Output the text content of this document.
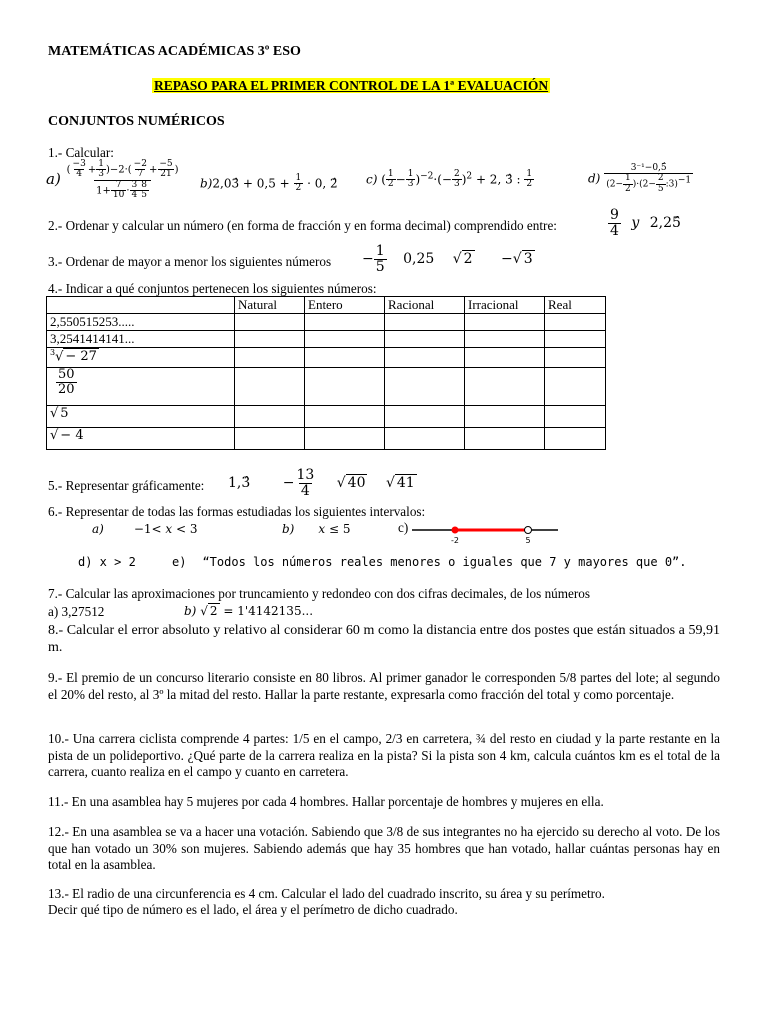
MATEMÁTICAS ACADÉMICAS 3º ESO
REPASO PARA EL PRIMER CONTROL DE LA 1ª EVALUACIÓN
CONJUNTOS NUMÉRICOS
1.- Calcular:
$a) \frac{( \frac{-3}{4} + \frac{1}{3} )-2\cdot( \frac{-2}{7} + \frac{-5}{21} )}{1+ \frac{7}{10} \cdot \frac{3}{4} \frac{8}{5}}$ b)2,03̂ + $0,5 + \frac{1}{2} \cdot 0$, 2̂ c) ( $\frac{1}{2} - \frac{1}{3} )^{-2}\cdot(- \frac{2}{3} )^2 + 2$, 3̂ : $\frac{1}{2}$	$d) \frac{\text{3⁻¹−0,5̂}}{(2- \frac{1}{2} )\cdot(2- \frac{2}{5} :3)-1}$
2.- Ordenar y calcular un número (en forma de fracción y en forma decimal) comprendido entre:	$\frac{9}{4}$ y 2,25̂
3.- Ordenar de mayor a menor los siguientes números − $\frac{1}{5} 0,25$ √ 2 −√ 3
4.- Indicar a qué conjuntos pertenecen los siguientes números:
	Natural	Entero	Racional	Irracional	Real
2,550515253.....					
3,2541414141...					
$^3$√ − 27					

$\frac{50}{20}$

√ 5					
√ − 4					
5.- Representar gráficamente: 1,3̂ − $\frac{13}{4}$ √ 40 √ 41
6.- Representar de todas las formas estudiadas los siguientes intervalos:
a)	−1< x < 3	b) x ≤ 5	c)
-2	5
d) x > 2	e) “Todos los números reales menores o iguales que 7 y mayores que 0”.
7.- Calcular las aproximaciones por truncamiento y redondeo con dos cifras decimales, de los números
a) 3,27512	b) √ 2 = 1'4142135...
8.- Calcular el error absoluto y relativo al considerar 60 m como la distancia entre dos postes que están situados a 59,91 m.
9.- El premio de un concurso literario consiste en 80 libros. Al primer ganador le corresponden 5/8 partes del lote; al segundo el 20% del resto, al 3º la mitad del resto. Hallar la parte restante, expresarla como fracción del total y como porcentaje.
10.- Una carrera ciclista comprende 4 partes: 1/5 en el campo, 2/3 en carretera, ¾ del resto en ciudad y la parte restante en la pista de un polideportivo. ¿Qué parte de la carrera realiza en la pista? Si la pista son 4 km, calcula cuántos km es el total de la carrera, cuanto realiza en el campo y cuanto en carretera.
11.- En una asamblea hay 5 mujeres por cada 4 hombres. Hallar porcentaje de hombres y mujeres en ella.
12.- En una asamblea se va a hacer una votación. Sabiendo que 3/8 de sus integrantes no ha ejercido su derecho al voto. De los que han votado un 30% son mujeres. Sabiendo además que hay 35 hombres que han votado, hallar cuántas personas hay en total en la asamblea.
13.- El radio de una circunferencia es 4 cm. Calcular el lado del cuadrado inscrito, su área y su perímetro.
Decir qué tipo de número es el lado, el área y el perímetro de dicho cuadrado.
